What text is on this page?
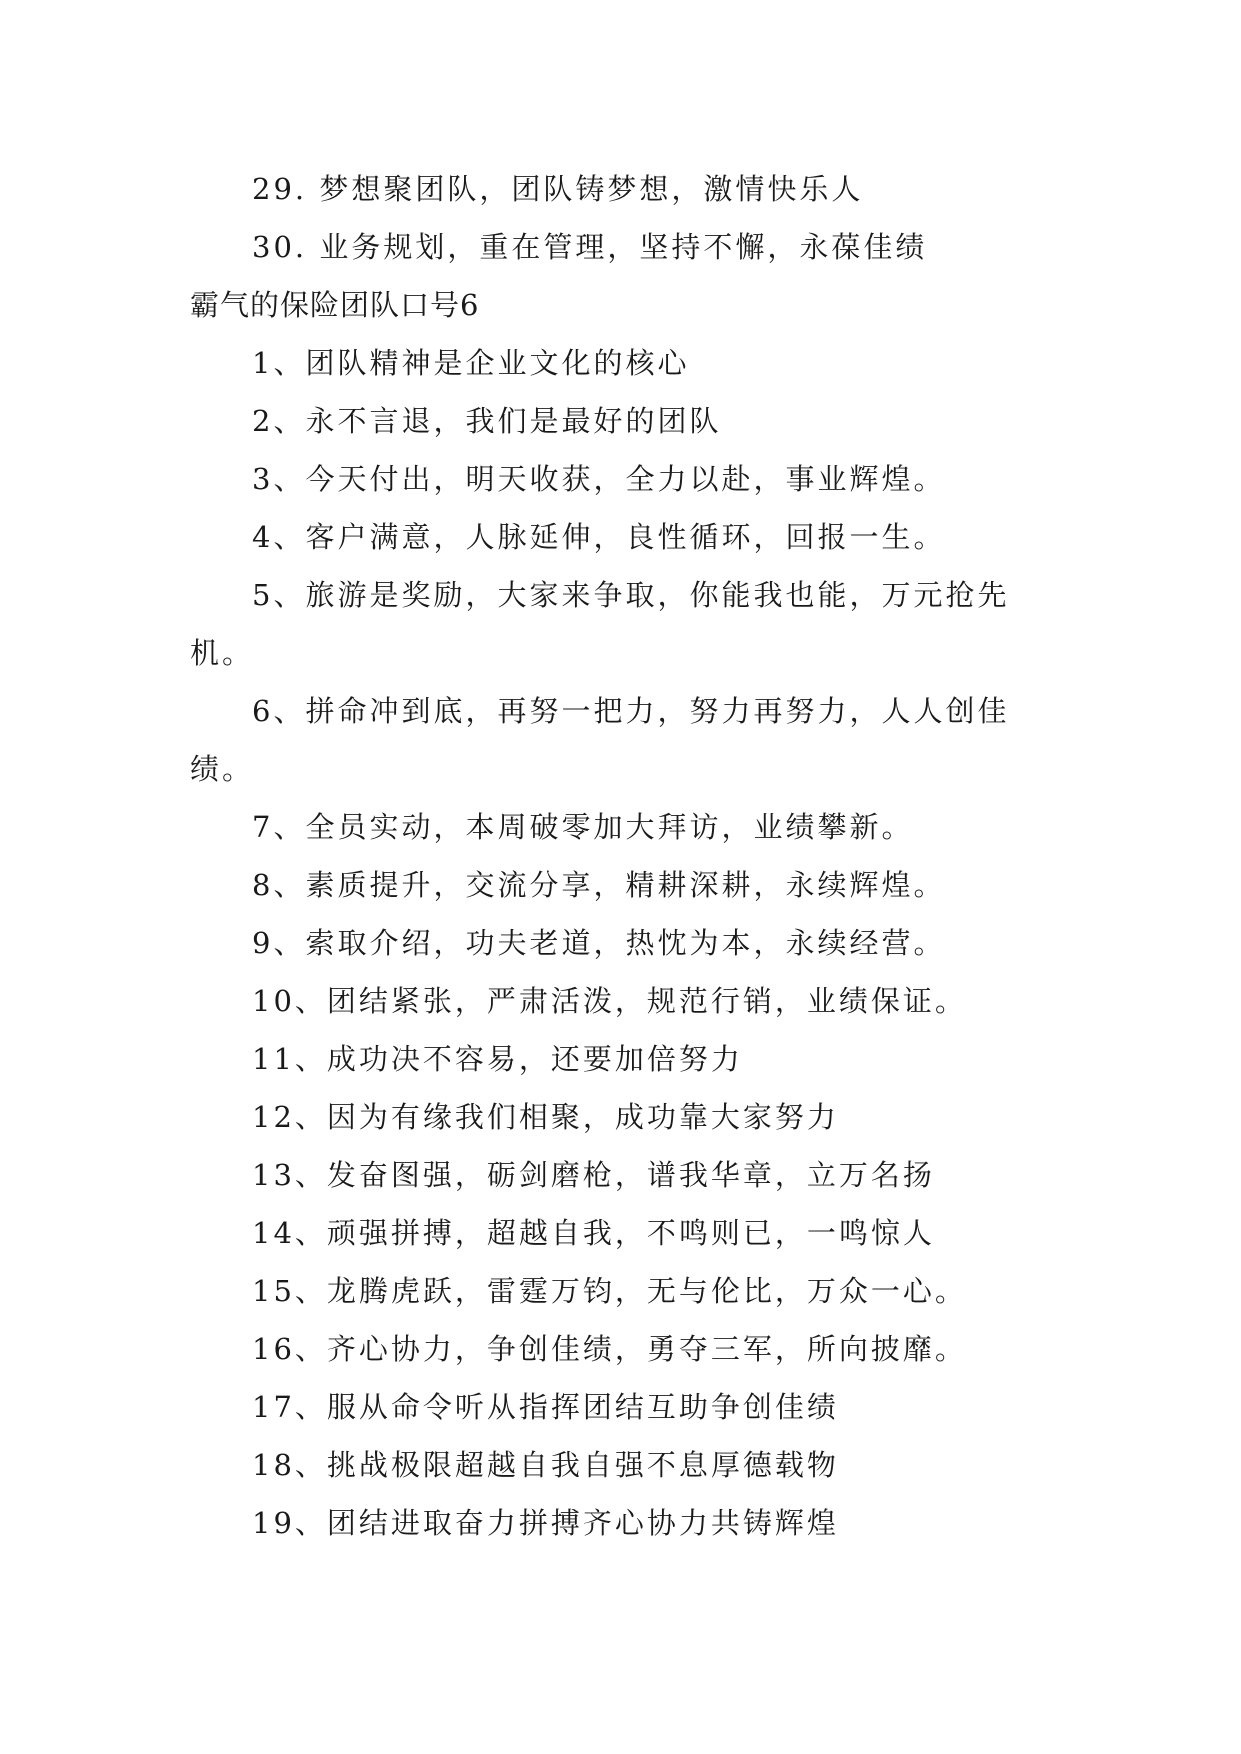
29. 梦想聚团队，团队铸梦想，激情快乐人
30. 业务规划，重在管理，坚持不懈，永葆佳绩
霸气的保险团队口号6
1、团队精神是企业文化的核心
2、永不言退，我们是最好的团队
3、今天付出，明天收获，全力以赴，事业辉煌。
4、客户满意，人脉延伸，良性循环，回报一生。
5、旅游是奖励，大家来争取，你能我也能，万元抢先
机。
6、拼命冲到底，再努一把力，努力再努力，人人创佳
绩。
7、全员实动，本周破零加大拜访，业绩攀新。
8、素质提升，交流分享，精耕深耕，永续辉煌。
9、索取介绍，功夫老道，热忱为本，永续经营。
10、团结紧张，严肃活泼，规范行销，业绩保证。
11、成功决不容易，还要加倍努力
12、因为有缘我们相聚，成功靠大家努力
13、发奋图强，砺剑磨枪，谱我华章，立万名扬
14、顽强拼搏，超越自我，不鸣则已，一鸣惊人
15、龙腾虎跃，雷霆万钧，无与伦比，万众一心。
16、齐心协力，争创佳绩，勇夺三军，所向披靡。
17、服从命令听从指挥团结互助争创佳绩
18、挑战极限超越自我自强不息厚德载物
19、团结进取奋力拼搏齐心协力共铸辉煌
